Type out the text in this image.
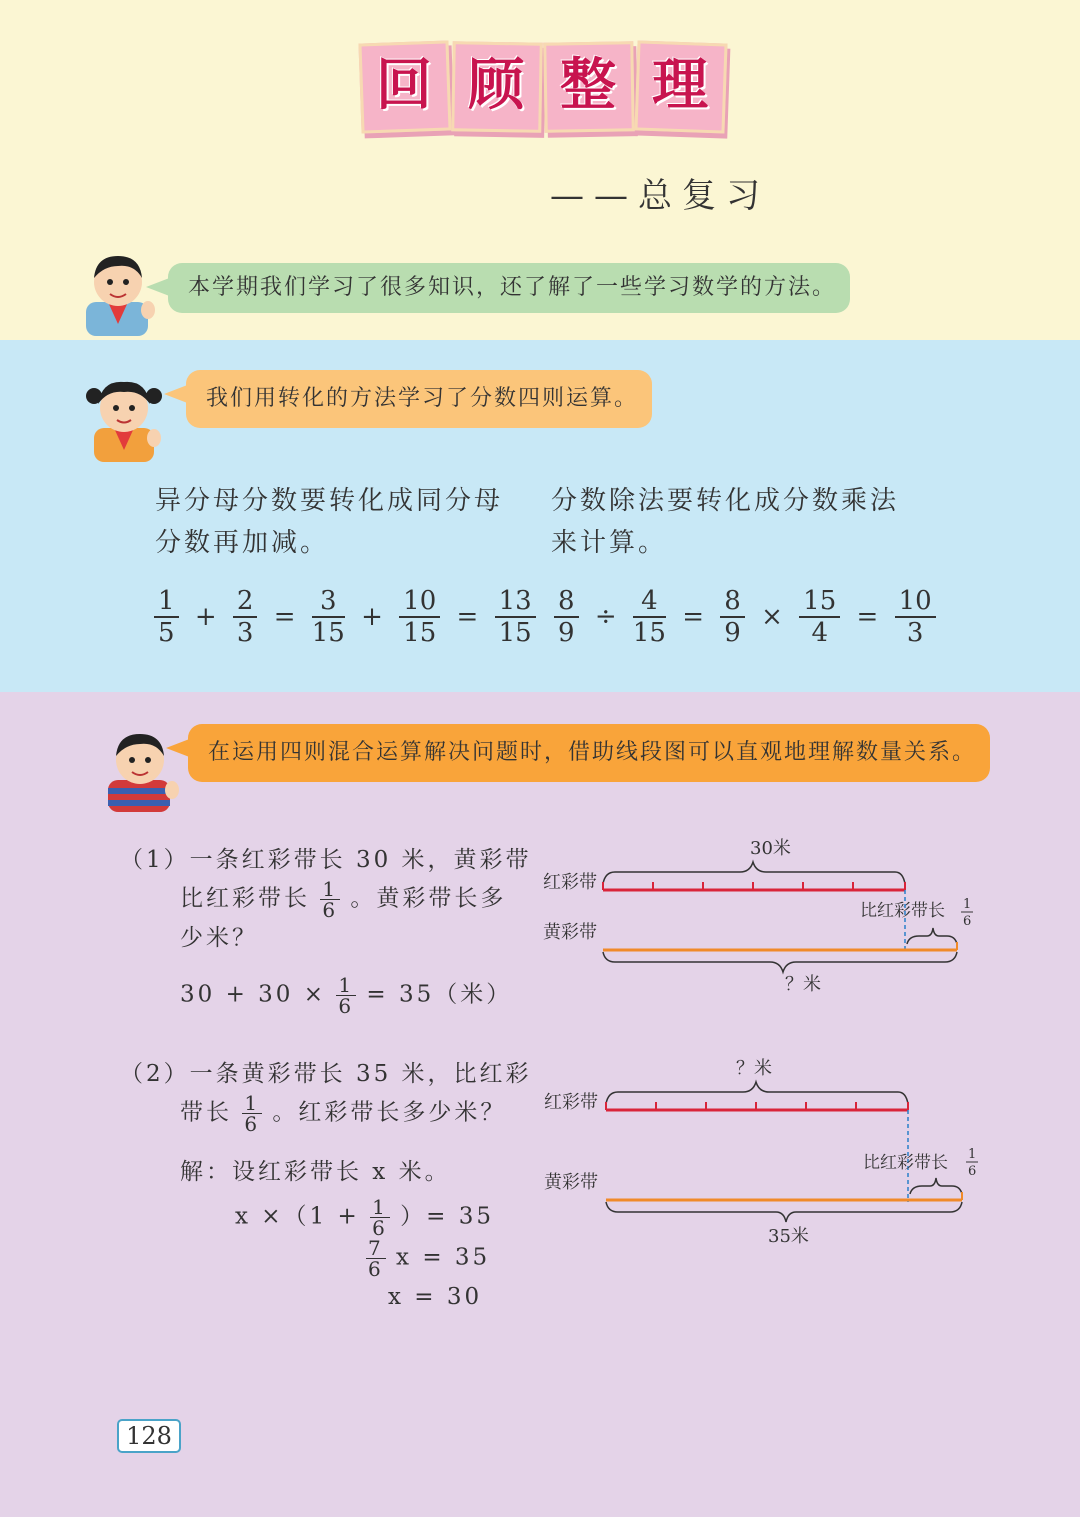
回 顾 整 理
——总复习
本学期我们学习了很多知识，还了解了一些学习数学的方法。
我们用转化的方法学习了分数四则运算。
异分母分数要转化成同分母分数再加减。
分数除法要转化成分数乘法来计算。
$\frac{1}{5} + \frac{2}{3} = \frac{3}{15} + \frac{10}{15} = \frac{13}{15} \frac{8}{9} \div \frac{4}{15} = \frac{8}{9} \times \frac{15}{4} = \frac{10}{3}$
在运用四则混合运算解决问题时，借助线段图可以直观地理解数量关系。
（1）一条红彩带长 30 米，黄彩带
比红彩带长 $\frac{1}{6}$ 。黄彩带长多
少米？
$30 + 30 \times \frac{1}{6} = 35$（米）
30米
红彩带
比红彩带长 1
6
黄彩带
？米
（2）一条黄彩带长 35 米，比红彩
带长 $\frac{1}{6}$ 。红彩带长多少米？
解：设红彩带长 x 米。
$x \times(1 + \frac{1}{6}$ ）= 35
$\frac{7}{6}$ x = 35
x = 30
？米
红彩带
比红彩带长 1
6
黄彩带
35米
128
